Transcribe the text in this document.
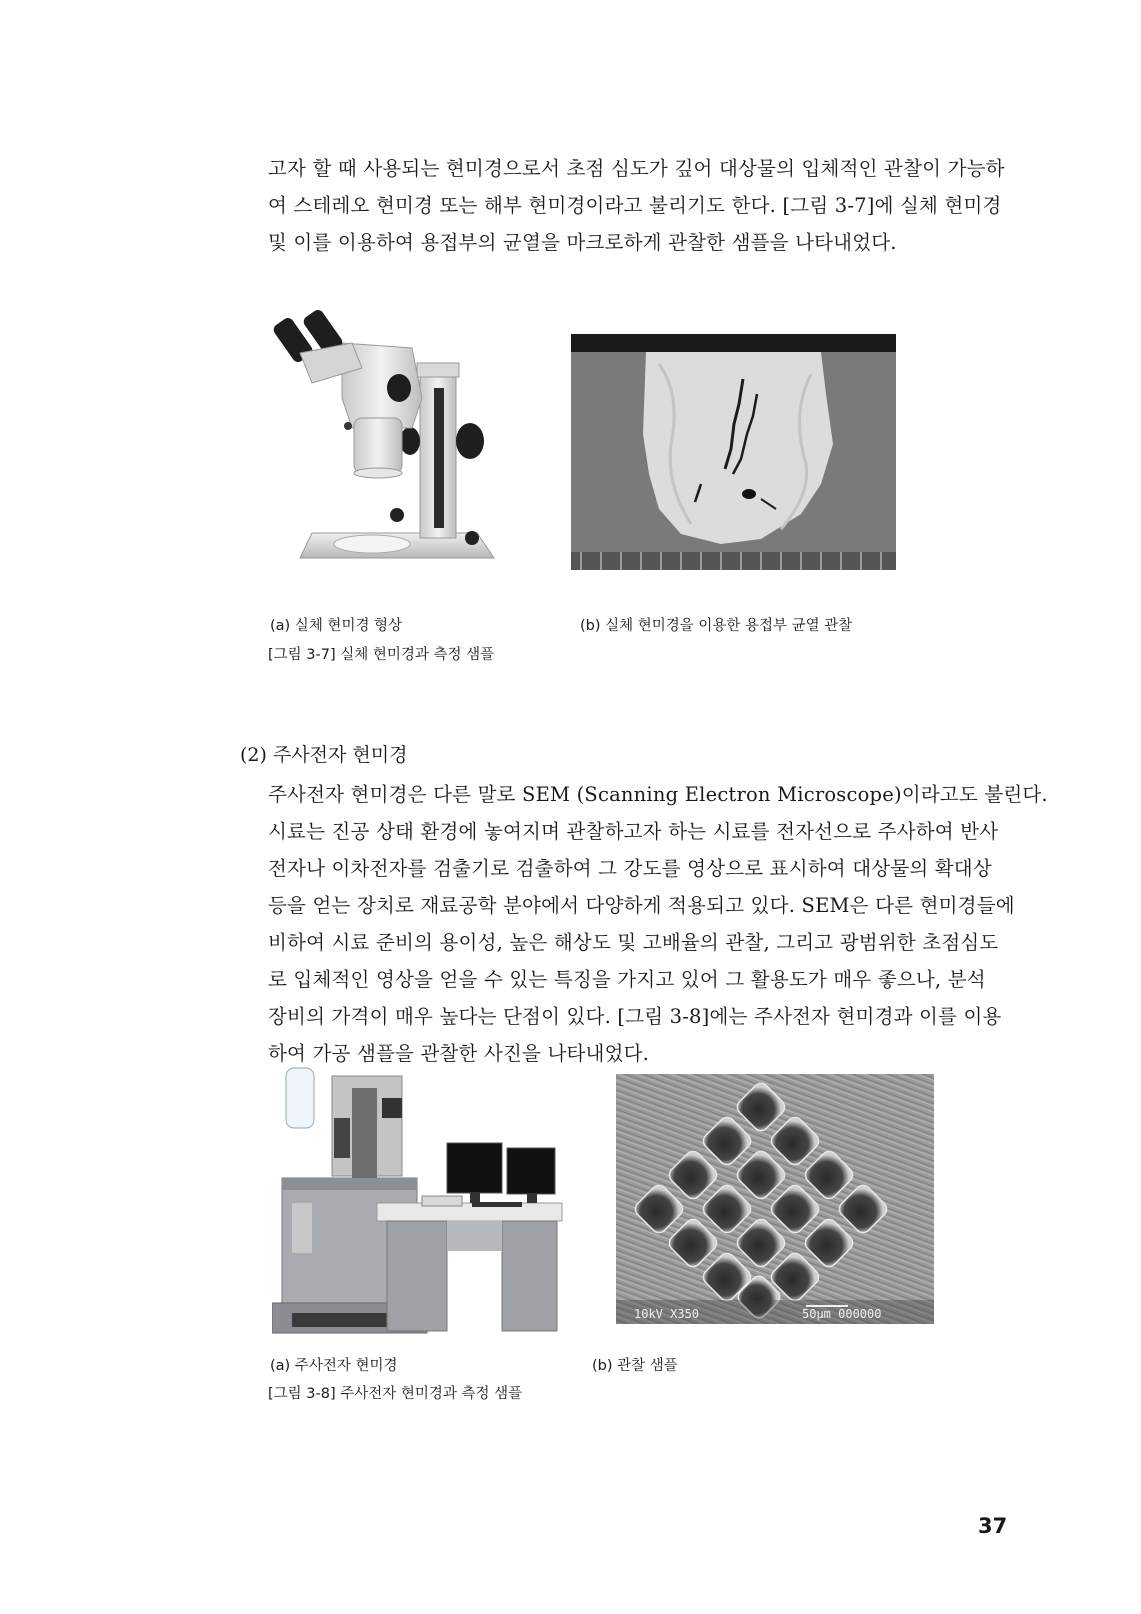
고자 할 때 사용되는 현미경으로서 초점 심도가 깊어 대상물의 입체적인 관찰이 가능하
여 스테레오 현미경 또는 해부 현미경이라고 불리기도 한다. [그림 3-7]에 실체 현미경
및 이를 이용하여 용접부의 균열을 마크로하게 관찰한 샘플을 나타내었다.
(a) 실체 현미경 형상	(b) 실체 현미경을 이용한 용접부 균열 관찰
[그림 3-7] 실체 현미경과 측정 샘플
(2) 주사전자 현미경
주사전자 현미경은 다른 말로 SEM (Scanning Electron Microscope)이라고도 불린다.
시료는 진공 상태 환경에 놓여지며 관찰하고자 하는 시료를 전자선으로 주사하여 반사
전자나 이차전자를 검출기로 검출하여 그 강도를 영상으로 표시하여 대상물의 확대상
등을 얻는 장치로 재료공학 분야에서 다양하게 적용되고 있다. SEM은 다른 현미경들에
비하여 시료 준비의 용이성, 높은 해상도 및 고배율의 관찰, 그리고 광범위한 초점심도
로 입체적인 영상을 얻을 수 있는 특징을 가지고 있어 그 활용도가 매우 좋으나, 분석
장비의 가격이 매우 높다는 단점이 있다. [그림 3-8]에는 주사전자 현미경과 이를 이용
하여 가공 샘플을 관찰한 사진을 나타내었다.
10kV X350	50μm 000000
(a) 주사전자 현미경	(b) 관찰 샘플
[그림 3-8] 주사전자 현미경과 측정 샘플
37
